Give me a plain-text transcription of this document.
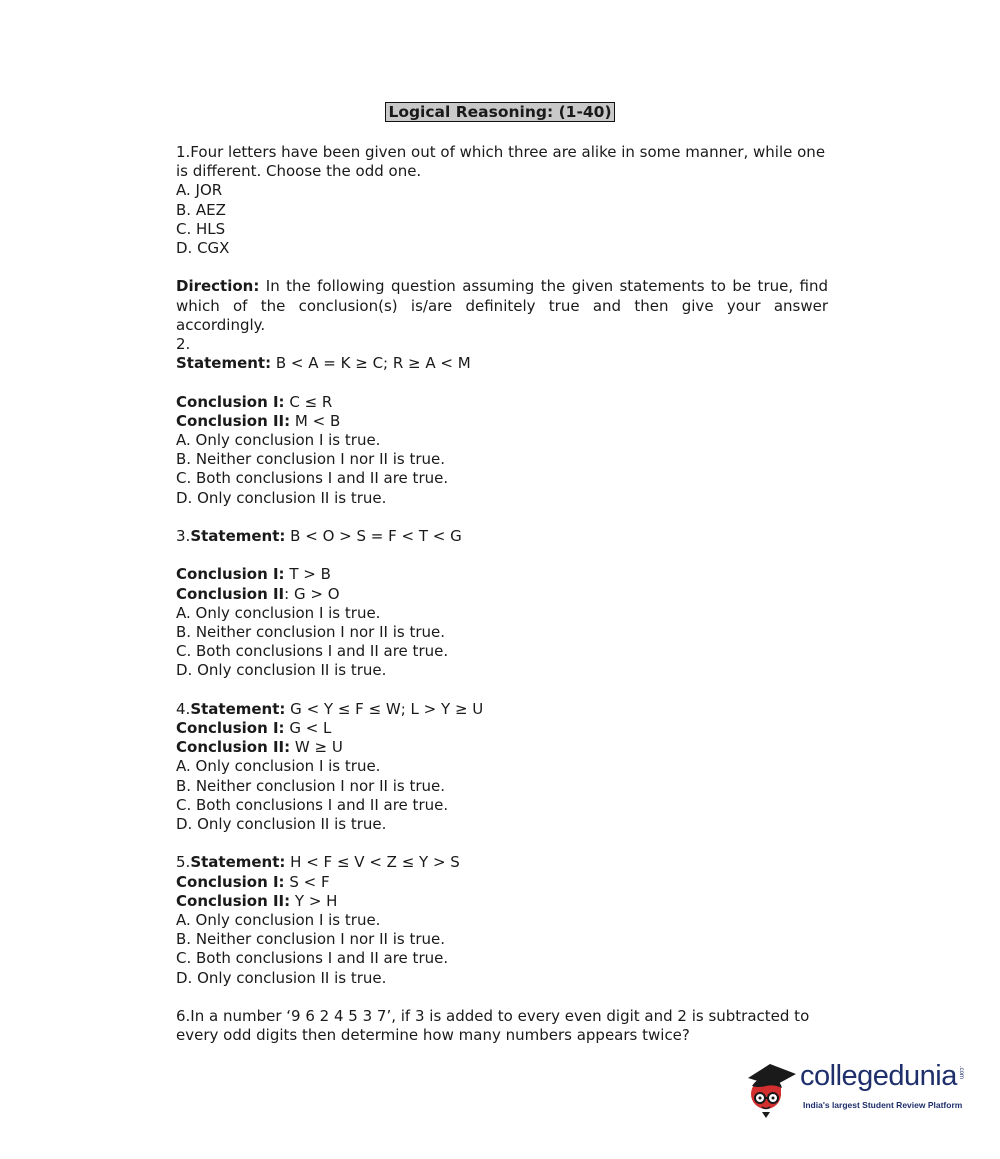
Logical Reasoning: (1-40)

1.Four letters have been given out of which three are alike in some manner, while one is different. Choose the odd one.

A. JOR

B. AEZ

C. HLS

D. CGX

Direction: In the following question assuming the given statements to be true, find which of the conclusion(s) is/are definitely true and then give your answer accordingly.

2.

Statement: B < A = K ≥ C; R ≥ A < M

Conclusion I: C ≤ R

Conclusion II: M < B

A. Only conclusion I is true.

B. Neither conclusion I nor II is true.

C. Both conclusions I and II are true.

D. Only conclusion II is true.

3.Statement: B < O > S = F < T < G

Conclusion I: T > B

Conclusion II: G > O

A. Only conclusion I is true.

B. Neither conclusion I nor II is true.

C. Both conclusions I and II are true.

D. Only conclusion II is true.

4.Statement: G < Y ≤ F ≤ W; L > Y ≥ U

Conclusion I: G < L

Conclusion II: W ≥ U

A. Only conclusion I is true.

B. Neither conclusion I nor II is true.

C. Both conclusions I and II are true.

D. Only conclusion II is true.

5.Statement: H < F ≤ V < Z ≤ Y > S

Conclusion I: S < F

Conclusion II: Y > H

A. Only conclusion I is true.

B. Neither conclusion I nor II is true.

C. Both conclusions I and II are true.

D. Only conclusion II is true.

6.In a number ‘9 6 2 4 5 3 7’, if 3 is added to every even digit and 2 is subtracted to every odd digits then determine how many numbers appears twice?

collegedunia .com
India's largest Student Review Platform
